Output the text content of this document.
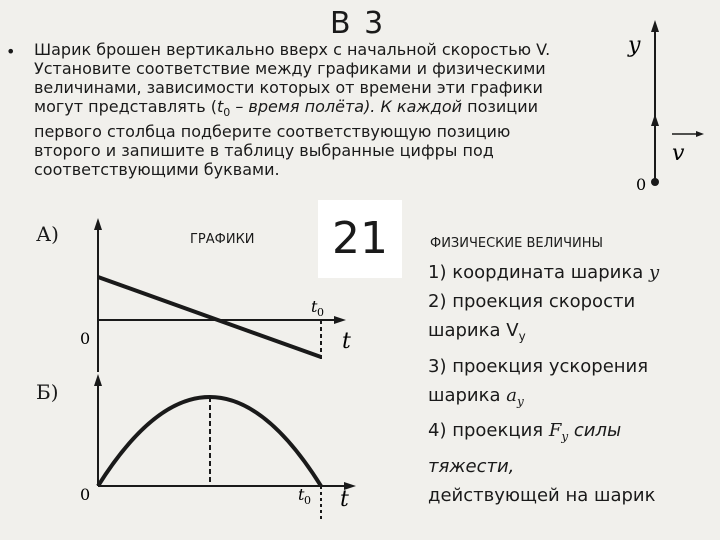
В 3
• Шарик брошен вертикально вверх с начальной скоростью V.

Установите соответствие между графиками и физическими

величинами, зависимости которых от времени эти графики

могут представлять ($t_0$ – время полёта). К каждой позиции

первого столбца подберите соответствующую позицию

второго и запишите в таблицу выбранные цифры под

соответствующими буквами.

y
v
0
0	t
t 0
0	t
t 0
А)
Б)
ГРАФИКИ	21	ФИЗИЧЕСКИЕ ВЕЛИЧИНЫ
1) координата шарика y
2) проекция скорости
шарика $V_y$
3) проекция ускорения
шарика $a_y$
4) проекция $F_y$ силы
тяжести,
действующей на шарик
